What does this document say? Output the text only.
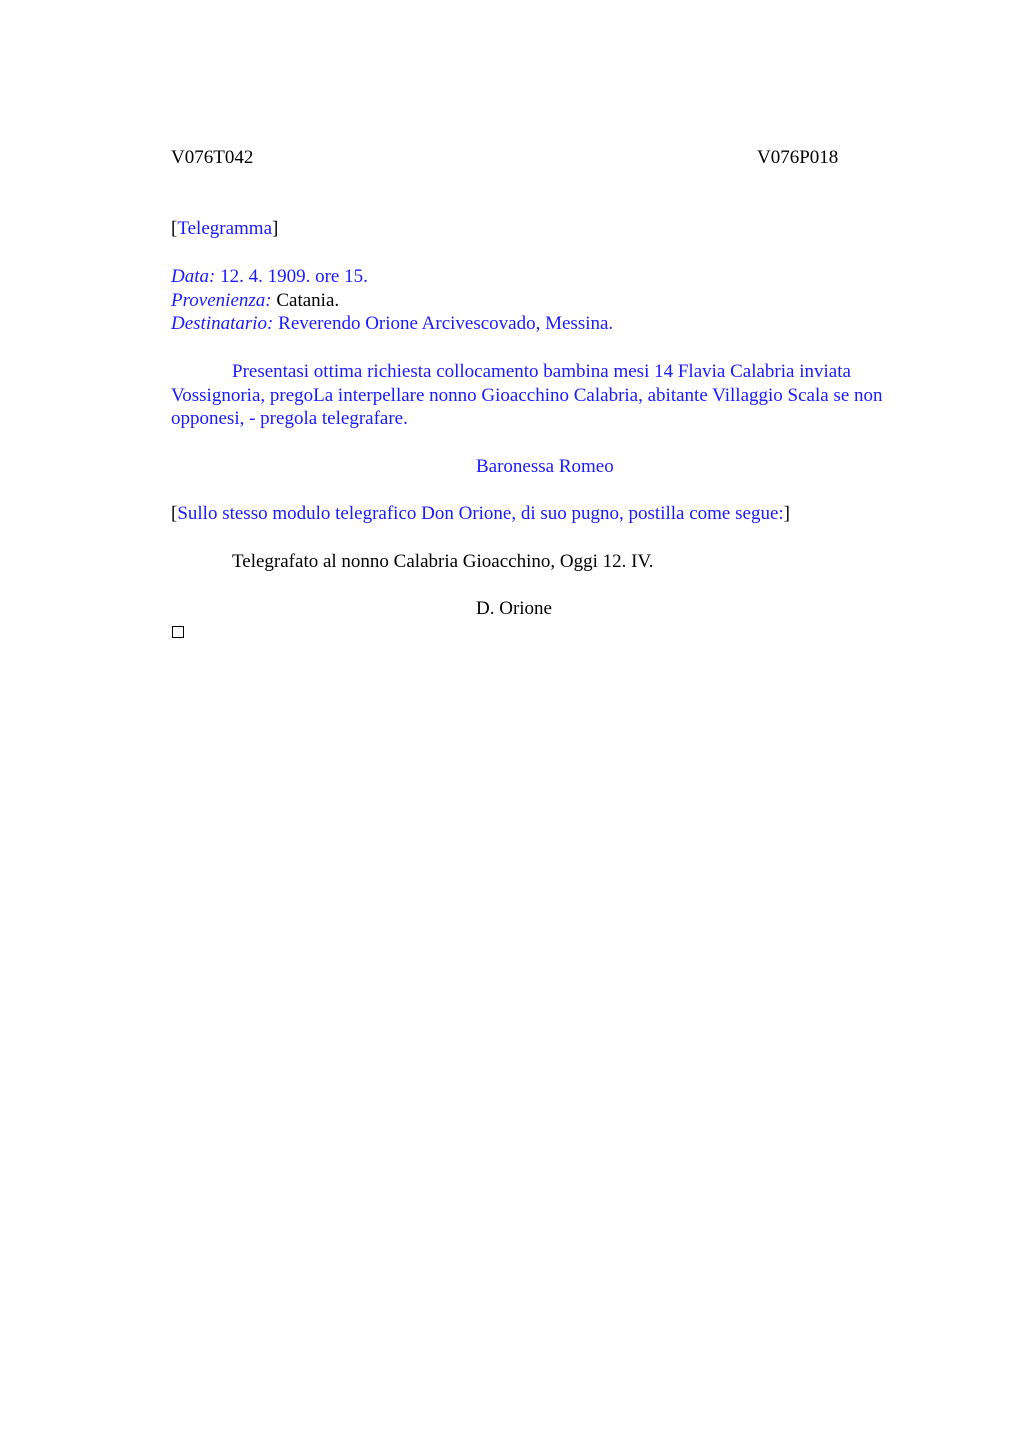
V076T042	V076P018
[Telegramma]
Data: 12. 4. 1909. ore 15.
Provenienza: Catania.
Destinatario: Reverendo Orione Arcivescovado, Messina.
Presentasi ottima richiesta collocamento bambina mesi 14 Flavia Calabria inviata Vossignoria, pregoLa interpellare nonno Gioacchino Calabria, abitante Villaggio Scala se non opponesi, - pregola telegrafare.
Baronessa Romeo
[Sullo stesso modulo telegrafico Don Orione, di suo pugno, postilla come segue:]
Telegrafato al nonno Calabria Gioacchino, Oggi 12. IV.
D. Orione
